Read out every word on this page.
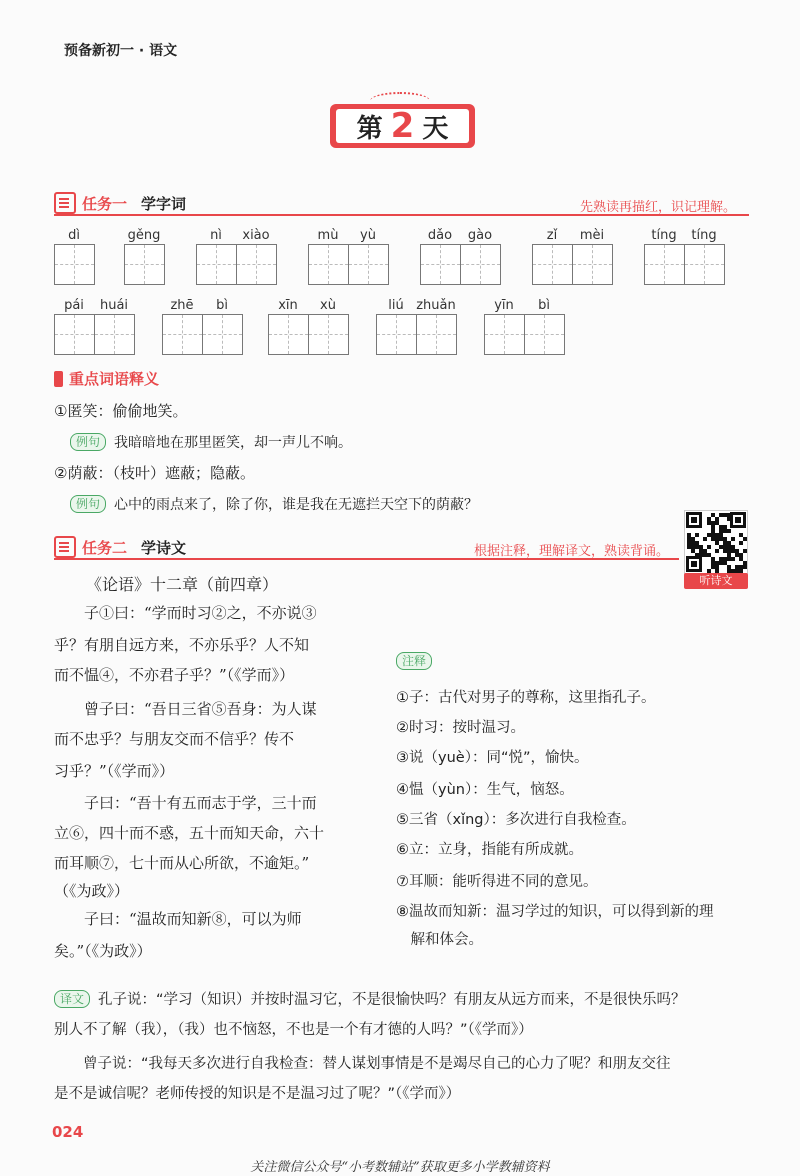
预备新初一 · 语文
第 2 天
任务一 学字词	先熟读再描红，识记理解。
dì	gěng	nì	xiào	mù	yù	dǎo	gào	zǐ	mèi	tíng	tíng
pái	huái	zhē	bì	xīn	xù	liú zhuǎn	yīn	bì
重点词语释义
①匿笑：偷偷地笑。
例句	我暗暗地在那里匿笑，却一声儿不响。
②荫蔽：（枝叶）遮蔽；隐蔽。
例句	心中的雨点来了，除了你，谁是我在无遮拦天空下的荫蔽？
任务二 学诗文	根据注释，理解译文，熟读背诵。
听诗文
《论语》十二章（前四章）
　　子①曰：“学而时习②之，不亦说③
乎？有朋自远方来，不亦乐乎？人不知
而不愠④，不亦君子乎？”（《学而》）
　　曾子曰：“吾日三省⑤吾身：为人谋
而不忠乎？与朋友交而不信乎？传不
习乎？”（《学而》）
　　子曰：“吾十有五而志于学，三十而
立⑥，四十而不惑，五十而知天命，六十
而耳顺⑦，七十而从心所欲，不逾矩。”
（《为政》）
　　子曰：“温故而知新⑧，可以为师
矣。”（《为政》）
注释
①子：古代对男子的尊称，这里指孔子。
②时习：按时温习。
③说（yuè）：同“悦”，愉快。
④愠（yùn）：生气，恼怒。
⑤三省（xǐng）：多次进行自我检查。
⑥立：立身，指能有所成就。
⑦耳顺：能听得进不同的意见。
⑧温故而知新：温习学过的知识，可以得到新的理
　解和体会。
译文 孔子说：“学习（知识）并按时温习它，不是很愉快吗？有朋友从远方而来，不是很快乐吗？
别人不了解（我），（我）也不恼怒，不也是一个有才德的人吗？”（《学而》）
　　曾子说：“我每天多次进行自我检查：替人谋划事情是不是竭尽自己的心力了呢？和朋友交往
是不是诚信呢？老师传授的知识是不是温习过了呢？”（《学而》）
024
关注微信公众号“小考数辅站”获取更多小学教辅资料
